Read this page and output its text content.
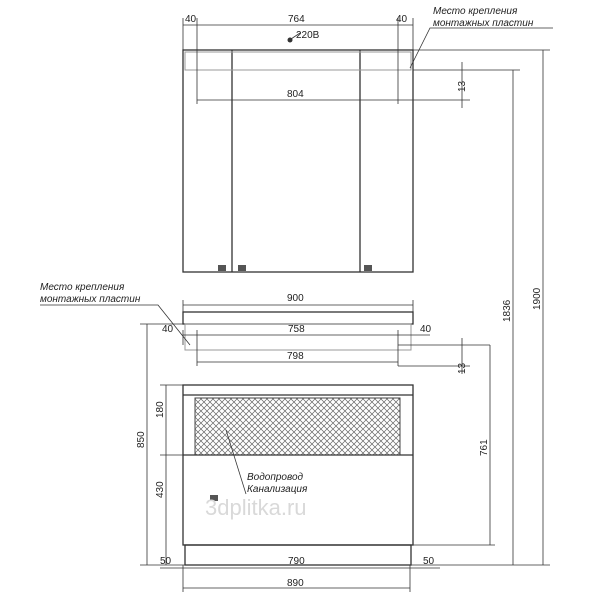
40	764	40
220В
804
13
Место крепления
монтажных пластин
1836
1900
900
40	758	40
798
13
761
850
180
430
50	790	50
890
Место крепления
монтажных пластин
Водопровод
Канализация
3dplitka.ru
